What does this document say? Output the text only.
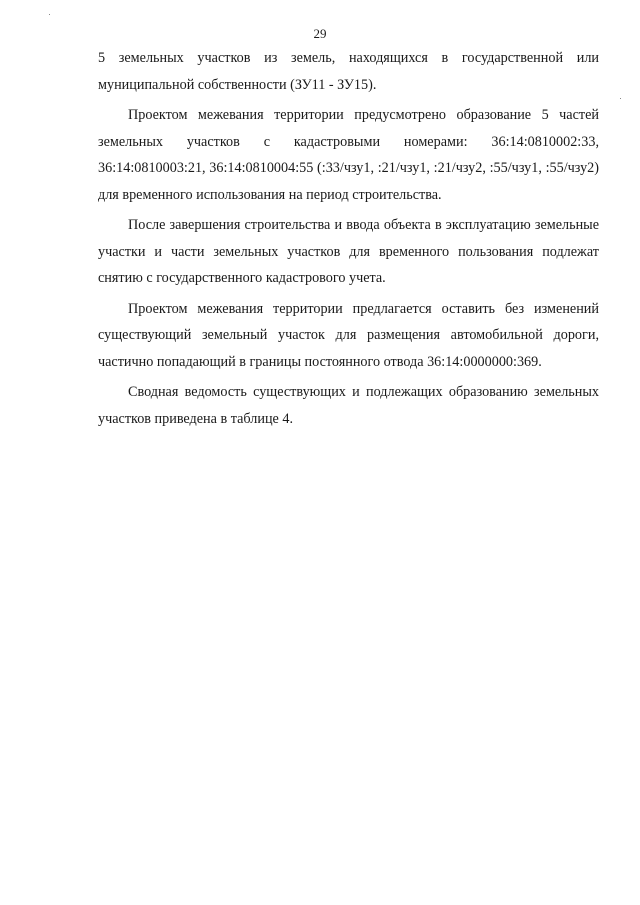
29

5 земельных участков из земель, находящихся в государственной или муниципальной собственности (ЗУ11 - ЗУ15).

Проектом межевания территории предусмотрено образование 5 частей земельных участков с кадастровыми номерами: 36:14:0810002:33, 36:14:0810003:21, 36:14:0810004:55 (:33/чзу1, :21/чзу1, :21/чзу2, :55/чзу1, :55/чзу2) для временного использования на период строительства.

После завершения строительства и ввода объекта в эксплуатацию земельные участки и части земельных участков для временного пользования подлежат снятию с государственного кадастрового учета.

Проектом межевания территории предлагается оставить без изменений существующий земельный участок для размещения автомобильной дороги, частично попадающий в границы постоянного отвода 36:14:0000000:369.

Сводная ведомость существующих и подлежащих образованию земельных участков приведена в таблице 4.
